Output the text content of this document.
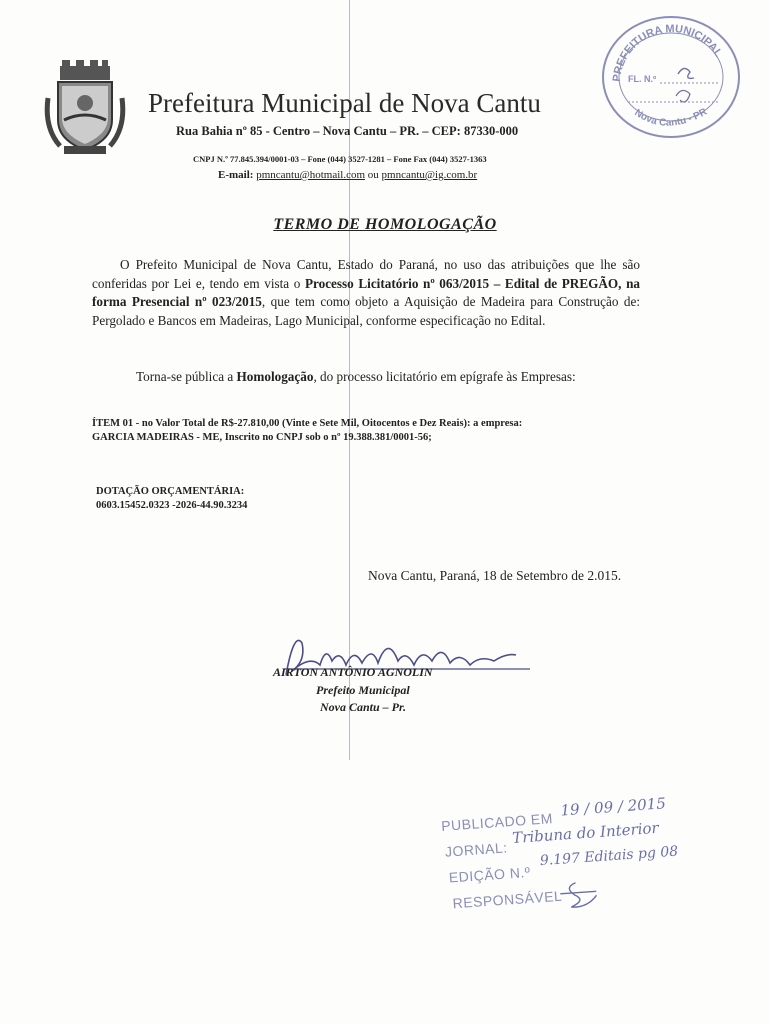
Prefeitura Municipal de Nova Cantu
Rua Bahia nº 85 - Centro – Nova Cantu – PR. – CEP: 87330-000
CNPJ N.º 77.845.394/0001-03 – Fone (044) 3527-1281 – Fone Fax (044) 3527-1363
E-mail: pmncantu@hotmail.com ou pmncantu@ig.com.br
PREFEITURA MUNICIPAL
FL. N.º
Nova Cantu - PR
TERMO DE HOMOLOGAÇÃO
O Prefeito Municipal de Nova Cantu, Estado do Paraná, no uso das atribuições que lhe são conferidas por Lei e, tendo em vista o Processo Licitatório nº 063/2015 – Edital de PREGÃO, na forma Presencial nº 023/2015, que tem como objeto a Aquisição de Madeira para Construção de: Pergolado e Bancos em Madeiras, Lago Municipal, conforme especificação no Edital.
Torna-se pública a Homologação, do processo licitatório em epígrafe às Empresas:
ÍTEM 01 - no Valor Total de R$-27.810,00 (Vinte e Sete Mil, Oitocentos e Dez Reais): a empresa:
GARCIA MADEIRAS - ME, Inscrito no CNPJ sob o nº 19.388.381/0001-56;
DOTAÇÃO ORÇAMENTÁRIA:
0603.15452.0323 -2026-44.90.3234
Nova Cantu, Paraná, 18 de Setembro de 2.015.
AIRTON ANTÔNIO AGNOLIN
Prefeito Municipal
Nova Cantu – Pr.
PUBLICADO EM
19 / 09 / 2015
JORNAL:
Tribuna do Interior
EDIÇÃO N.º
9.197 Editais pg 08
RESPONSÁVEL
